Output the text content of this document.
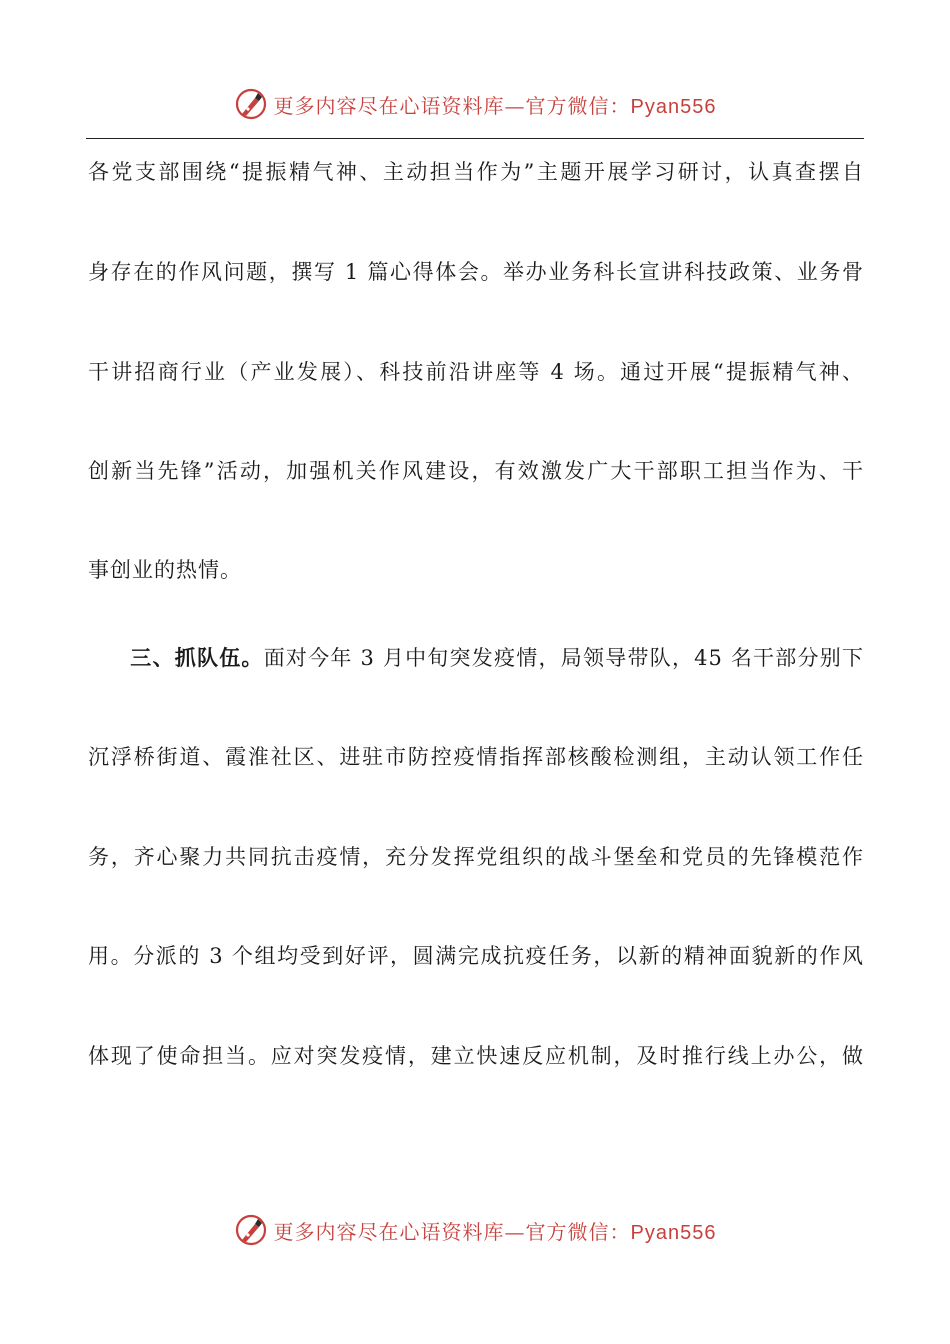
更多内容尽在心语资料库—官方微信：Pyan556
各党支部围绕“提振精气神、主动担当作为”主题开展学习研讨，认真查摆自
身存在的作风问题，撰写 1 篇心得体会。举办业务科长宣讲科技政策、业务骨
干讲招商行业（产业发展）、科技前沿讲座等 4 场。通过开展“提振精气神、
创新当先锋”活动，加强机关作风建设，有效激发广大干部职工担当作为、干
事创业的热情。
三、抓队伍。面对今年 3 月中旬突发疫情，局领导带队，45 名干部分别下
沉浮桥街道、霞淮社区、进驻市防控疫情指挥部核酸检测组，主动认领工作任
务，齐心聚力共同抗击疫情，充分发挥党组织的战斗堡垒和党员的先锋模范作
用。分派的 3 个组均受到好评，圆满完成抗疫任务，以新的精神面貌新的作风
体现了使命担当。应对突发疫情，建立快速反应机制，及时推行线上办公，做
更多内容尽在心语资料库—官方微信：Pyan556
